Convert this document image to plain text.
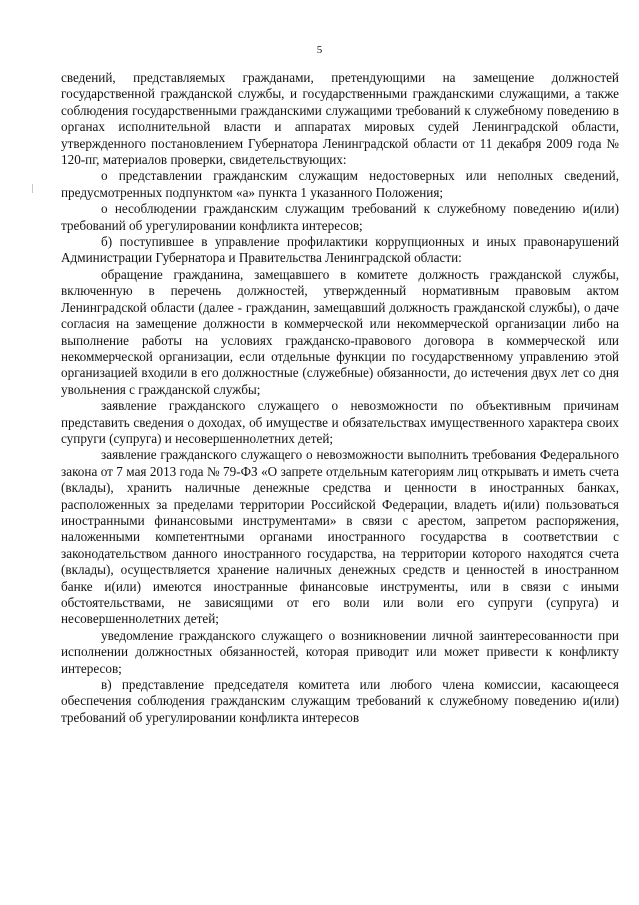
5

сведений, представляемых гражданами, претендующими на замещение должностей государственной гражданской службы, и государственными гражданскими служащими, а также соблюдения государственными гражданскими служащими требований к служебному поведению в органах исполнительной власти и аппаратах мировых судей Ленинградской области, утвержденного постановлением Губернатора Ленинградской области от 11 декабря 2009 года № 120-пг, материалов проверки, свидетельствующих:

о представлении гражданским служащим недостоверных или неполных сведений, предусмотренных подпунктом «а» пункта 1 указанного Положения;

о несоблюдении гражданским служащим требований к служебному поведению и(или) требований об урегулировании конфликта интересов;

б) поступившее в управление профилактики коррупционных и иных правонарушений Администрации Губернатора и Правительства Ленинградской области:

обращение гражданина, замещавшего в комитете должность гражданской службы, включенную в перечень должностей, утвержденный нормативным правовым актом Ленинградской области (далее - гражданин, замещавший должность гражданской службы), о даче согласия на замещение должности в коммерческой или некоммерческой организации либо на выполнение работы на условиях гражданско-правового договора в коммерческой или некоммерческой организации, если отдельные функции по государственному управлению этой организацией входили в его должностные (служебные) обязанности, до истечения двух лет со дня увольнения с гражданской службы;

заявление гражданского служащего о невозможности по объективным причинам представить сведения о доходах, об имуществе и обязательствах имущественного характера своих супруги (супруга) и несовершеннолетних детей;

заявление гражданского служащего о невозможности выполнить требования Федерального закона от 7 мая 2013 года № 79-ФЗ «О запрете отдельным категориям лиц открывать и иметь счета (вклады), хранить наличные денежные средства и ценности в иностранных банках, расположенных за пределами территории Российской Федерации, владеть и(или) пользоваться иностранными финансовыми инструментами» в связи с арестом, запретом распоряжения, наложенными компетентными органами иностранного государства в соответствии с законодательством данного иностранного государства, на территории которого находятся счета (вклады), осуществляется хранение наличных денежных средств и ценностей в иностранном банке и(или) имеются иностранные финансовые инструменты, или в связи с иными обстоятельствами, не зависящими от его воли или воли его супруги (супруга) и несовершеннолетних детей;

уведомление гражданского служащего о возникновении личной заинтересованности при исполнении должностных обязанностей, которая приводит или может привести к конфликту интересов;

в) представление председателя комитета или любого члена комиссии, касающееся обеспечения соблюдения гражданским служащим требований к служебному поведению и(или) требований об урегулировании конфликта интересов
